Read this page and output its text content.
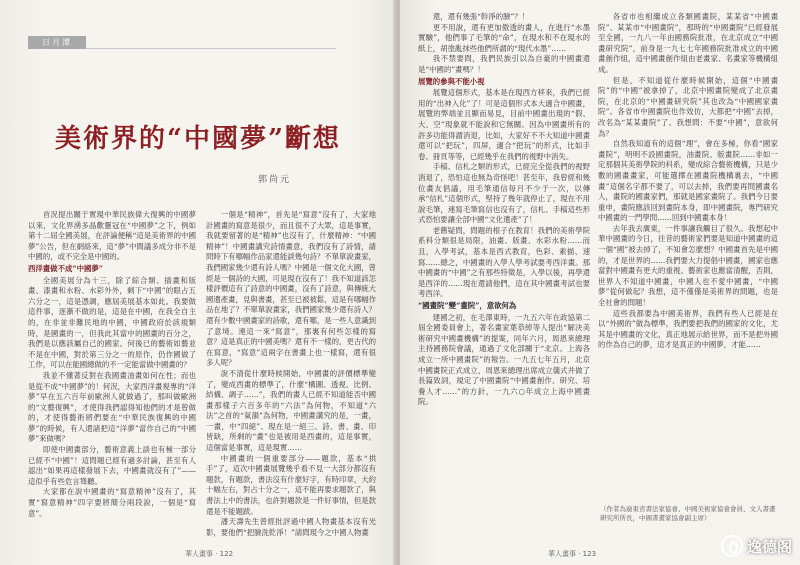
日月潭
美術界的“中國夢”斷想
郭尚元

首況提出關于實現中華民族偉大復興的中國夢以來，文化界湧多晶歡靈冠在“中國夢”之下，例如第十二屆全國美展，在評論便稱“這是美術界的中國夢”公告，但在網絡來，這“夢”中間議多成分非不是中國的，或不完全是中國的。

西洋畫做不成“中國夢”

全國美展分為十三，除了綜合類、插畫和版畫、漆畫和水粉、水彩外外，剩下“中國”的眼占五六分之一，這是憑調，應屆美展基本如此。我要做這件事，逐漸不做的是，這是在中國，在我全自主的，在非並非難民地的中國，中國政府於該規類時，是國畫的一，但我此其當中的國畫的百分之，我們是以應該屬自己的國家。何後已的藝術如藝並不是在中國，對於第三分之一的原作，仍作國做了工作，可以在能國總做的不一定能當做中國畫的？

我並不懂著反對在我國畫油畫如何在性；而也是從不成“中國夢”的！何況，大家西洋畫視專的“洋夢”早在五六百年前歐洲人就做過了，那叫做歐洲的“文藝復興”，才使得我們認得知他們的才是曾做的，才使得藝術將們要在“中華民族復興的中國夢”的時候，有人還諸把這“洋夢”當作自己的“中國夢”來做嗎？

即使中國畫部分，藝術意義上談也有極一部分已經不“中國”！這問題已經有過多討論，甚至有人認出“如果再這樣發展下去，中國畫就沒有了”——這似乎有些危言聳聽。

大家都在說中國畫的“寫意精神”沒有了，其實“寫意精神”四字要將簡分兩段說，一個是“寫意”。

一個是“精神”，首先是“寫意”沒有了，大家地計國畫的寫意是很少，而且很不了大眾，這是事實，我就要留著的是“精神”也沒有了，什麼精神：“中國精神”！中國畫講究詩情畫意，我們沒有了詩情，請問時下有哪幅作品家還能談幾句詩？不單單說畫家，我們國家幾少還有詩人嗎？中國是一個文化大國，曾經是一個詩的大國，可是現在沒有了！我不知道該怎樣評價這有了詩意的中國畫，沒有了詩意，與傳統大國遺產畫，見與書畫，甚至已被被鬆，這是有哪幅作品在地了？不單單說畫家，我們國家幾少還有詩人？還有少數中國畫家的詩歌，還有哪，是一些人意識到了意境。連這一來“寫意”，那裏有何些怎樣的寫意？這是真正的中國美嗎？還有不一樣的，更古代的在寫意，“寫意”這兩字在書畫上也一樣寫，還有很多人呢？

說不清從什麼時候開始，中國畫的評價標準變了，變成西畫的標準了，什麼“構圖、透視、比例、結構、調子……”，我們的畫人已經不知道能否中國畫那樣子六百多年的“六法”為何物，不知道“六法”之首的“氣韻”為何物，中國畫講究的是，一畫，一畫，中“四絕”、現在是一絕三、詩、書、畫、印皆缺，所剩的“畫”也是被用是西畫的，這是事實，這個當是事實，這是現實……

中國畫的一個重要部分——題款，基本“拱手”了，這次中國畫展覽幾乎看不見一大部分都沒有題款，有題款，書法沒有什麼好字，有時印章，大約十幅左右，對占十分之一，這不能再要求題款了，與書法上中的書法，也許對題款是一件好事情，但是款還是不能題跋。

潘天壽先生曾經批評過中國人物畫基本沒有光影，要他們“把臉洗乾淨！”請問現今之中國人物畫

華人畫事 · 122

還，還有幾張“幹淨的臉”？！

更不用說，還有更加傲透的畫人，在進行“水墨實驗”，他們事了毛筆的“命”，在現水和不在現水的紙上，胡塗亂抹些他們所謂的“現代水墨”……

我不禁要問，我們民族引以為自豪的中國畫還是“中國的”畫嗎？！

展覽的參與不能小視

展覽這個形式，基本是在現西方移來，我們已經用的“出神入化”了！可是這個形式本大適合中國畫，展覽的弊端並且顯而易見，目前中國畫出現的“假、大、空”現象就不能說和它無關。因為中國畫所有的許多功能得謂消退，比如，大家好不不大知道中國畫還可以“把玩”，四屏，適合“把玩”的形式，比如手卷、冊頁等等，已經幾乎在我們的視野中消失。

手稿、信札之類的形式，已經完全從我們的視野消退了，恐怕這也無為奇怪吧！甚至年，我曾經和幾位畫友倡議，用毛筆通信毎月不少于一次，以傳承“信札”這個形式，堅持了幾年就停止了，現在不用說毛筆，連寫毛筆寫信也沒有了，信札、手稿這些形式恐怕要讓全部中國“文化遺產”了！

老舊疑問，問題的根子在教育！我們的美術學院系科分類很是局限，油畫、版畫、水彩水粉……而且，入學考試，基本是西式教育，色彩、素描、速寫……總之，中國畫的入學人學考試要考西洋畫。那中國畫的“中國”之有那些特徵是，入學以後，再學還是西洋的……現在還請他們，這在其中國畫考試也要考西洋。

“國畫院”變“畫院”，意欲何為

建國之初，在毛澤東時，一九五六年在政協第二屆全國委員會上，著名畫家葉恭綽等人提出“解決美術研究中國畫機構”的提案，同年六月，周恩來總理主持國務院會議，通過了文化部關于“北京、上海各成立一所中國畫院”的報告。一九五七年五月，北京中國畫院正式成立，周恩來總理出席成立儀式并做了長篇致詞，規定了中國畫院“中國畫創作、研究、培養人才……”的方針，一九六○年成立上海中國畫院。

各省市也相繼成立各類國畫院，某某省“中國畫院”、某某市“中國畫院”，那時的“中國畫院”已經發展至全國，一九八一年由國務院批准，在北京成立“中國畫研究院”，前身是一九七七年國務院批准成立的中國畫創作組，這中國畫創作組由老畫家、名畫家等機構組成。

但是，不知道從什麼時候開始，這個“中國畫院”的“中國”被拿掉了，北京中國畫院變成了北京畫院，在北京的“中國畫研究院”其也改為“中國國家畫院”。各省市中國畫院也作效仿，大都把“中國”去掉，改名為“某某畫院”了。我想問：不要“中國”，意欲何為？

自然我知道有的這個“理”，會在多極，你看“國家畫院”，明明不設國畫院，油畫院、版畫院……非如一定那個其美術學院的科系，變成綜合藝術機構，只是少數的國畫畫家，可能選擇在國畫院機構裏去，“中國畫”這個名字都不要了，可以去掉，我們要再問國畫名人，畫院的國畫家們，那就是國家畫院了。我們今日要重申，畫院應該回到畫院本身，即中國畫院，專門研究中國畫的一門學問……回到中國畫本身！

去年我去廣東，一件事讓我觸目了很久。我想起中華中國畫的今日，往昔的藝術家們要是知道中國畫的這一個“國”被去掉了，不知會怎麼想？中國畫首先是中國的，才是世界的……我們要大力提倡中國畫，國家也應當對中國畫有更大的重視。藝術家也應當清醒，否則，世界人不知道中國畫，中國人也不愛中國畫，“中國夢”從何做起？我想，這不僅僅是美術界的問題，也是全社會的問題！

這些我都要為中國美術界，我們有些人已經是在以“外國的”做為標準，我們要把我們的國家的文化，尤其是中國畫的文化，真正地展示給世界，而不是把外國的作為自己的夢，這才是真正的中國夢，才能……

（作者為廣東省書法家協會、中國美術家協會會員、文人書畫研究所所長，中國書畫家協會副主席）
華人畫事 · 123	逸德阁
